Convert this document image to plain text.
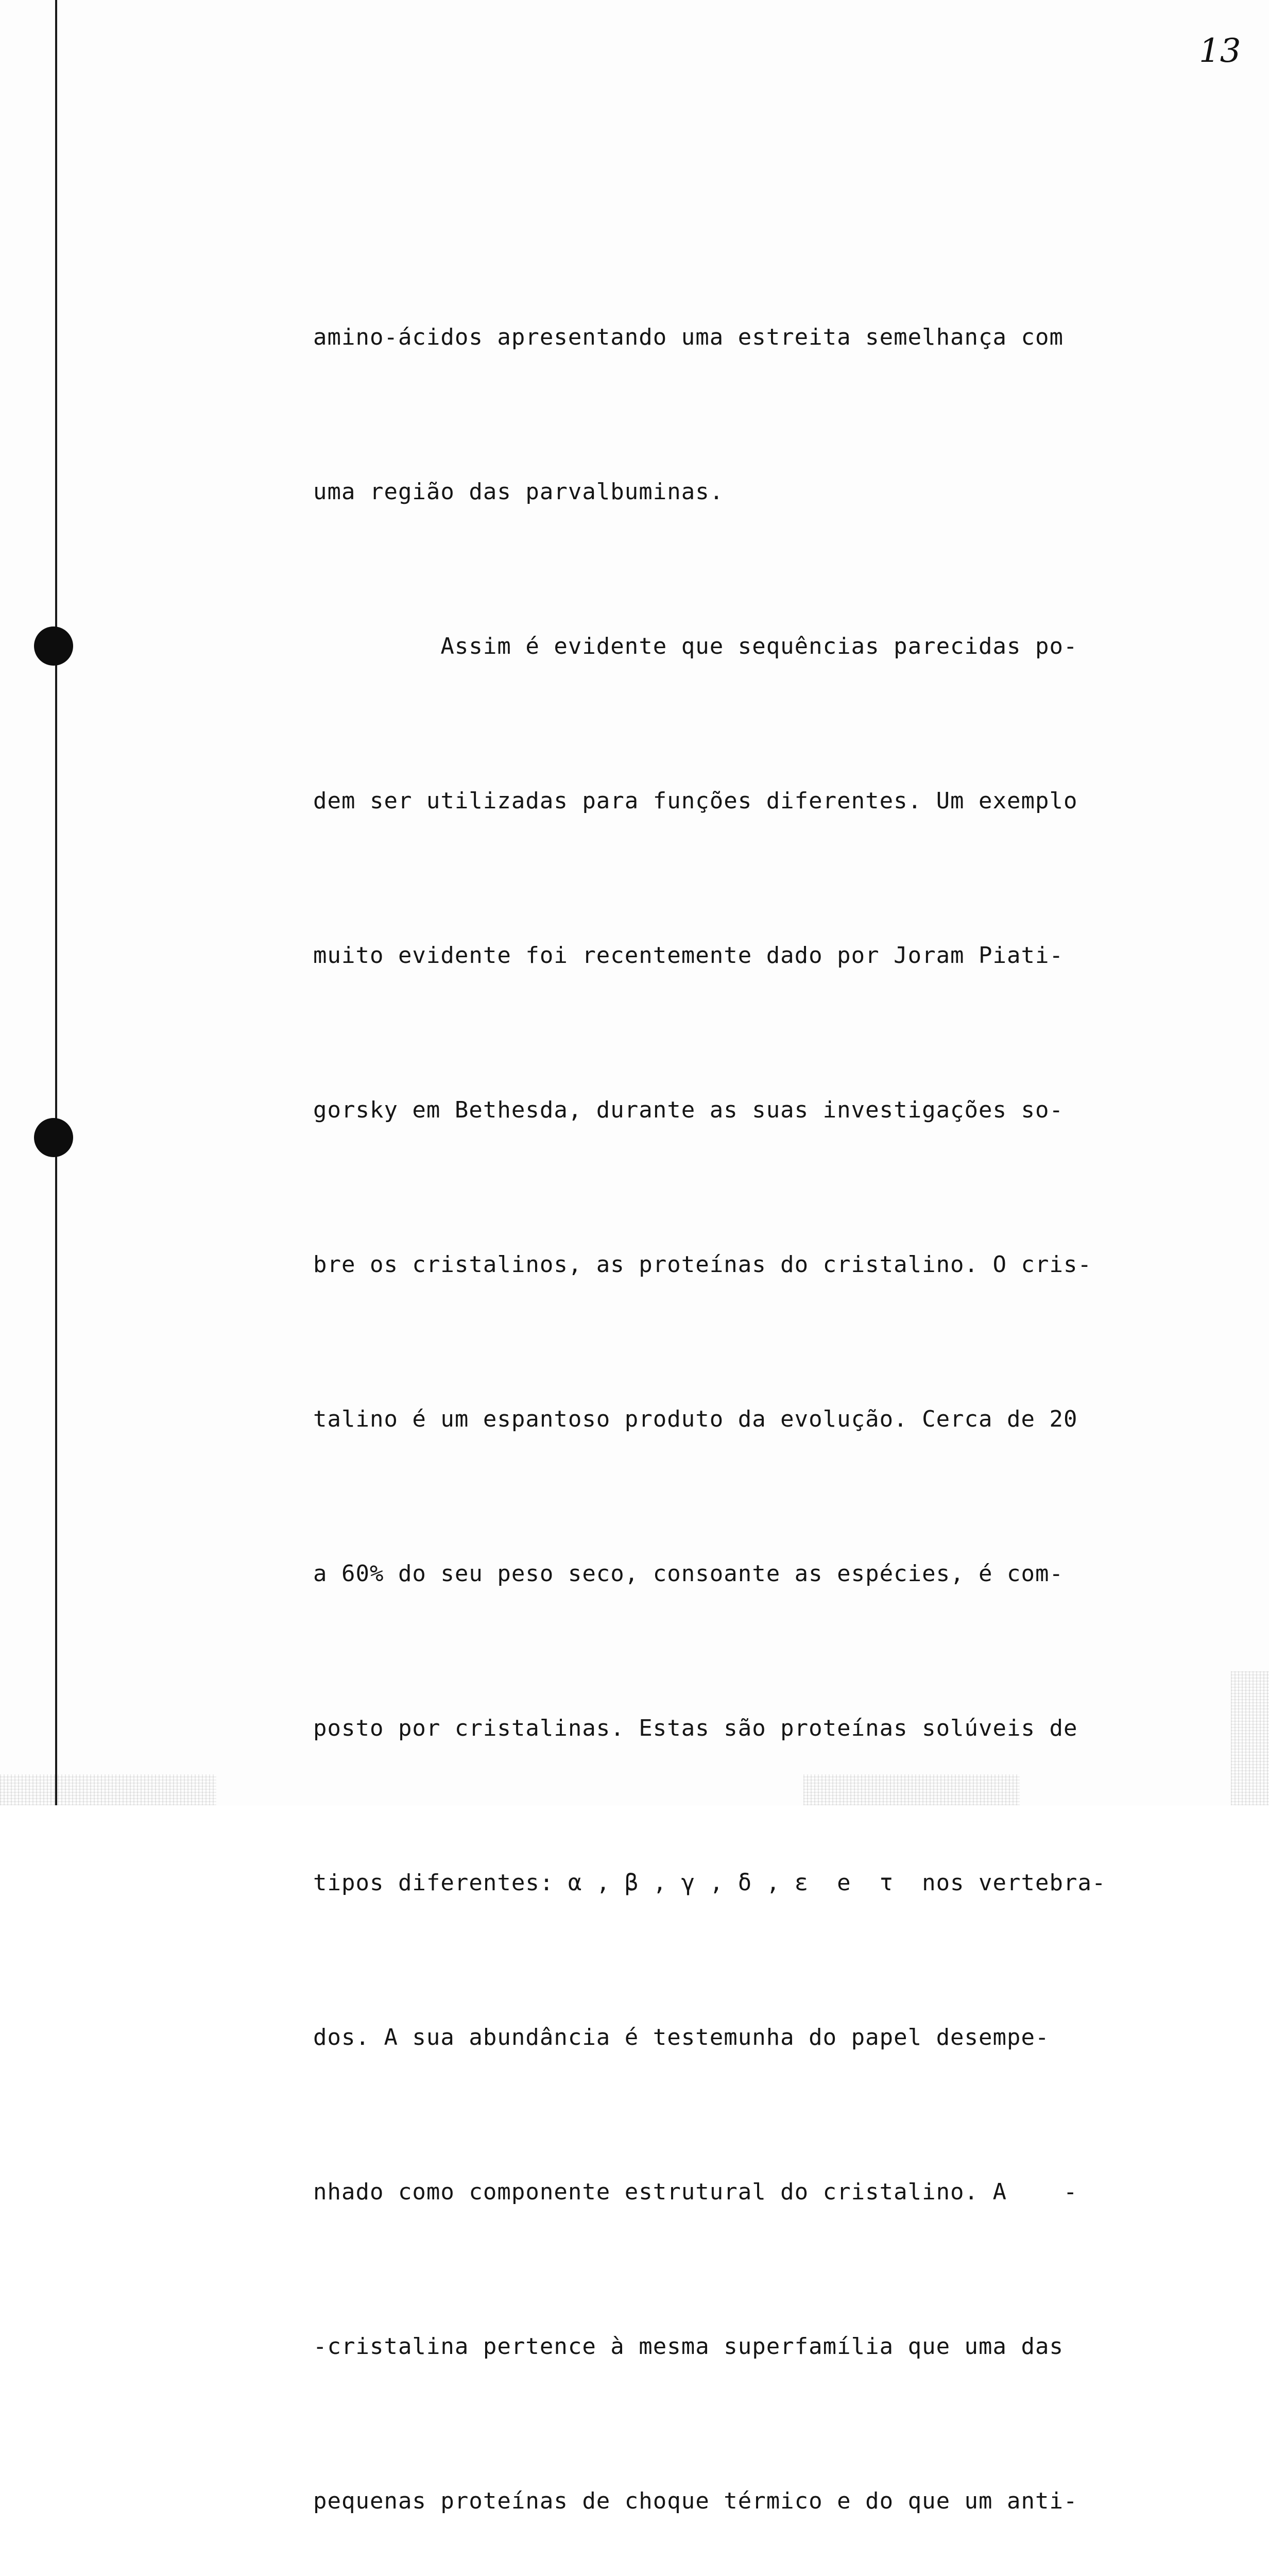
13

amino-ácidos apresentando uma estreita semelhança com

uma região das parvalbuminas.

Assim é evidente que sequências parecidas po-

dem ser utilizadas para funções diferentes. Um exemplo

muito evidente foi recentemente dado por Joram Piati-

gorsky em Bethesda, durante as suas investigações so-

bre os cristalinos, as proteínas do cristalino. O cris-

talino é um espantoso produto da evolução. Cerca de 20

a 60% do seu peso seco, consoante as espécies, é com-

posto por cristalinas. Estas são proteínas solúveis de

tipos diferentes: α , β , γ , δ , ε  e  τ  nos vertebra-

dos. A sua abundância é testemunha do papel desempe-

nhado como componente estrutural do cristalino. A    -

-cristalina pertence à mesma superfamília que uma das

pequenas proteínas de choque térmico e do que um anti-
